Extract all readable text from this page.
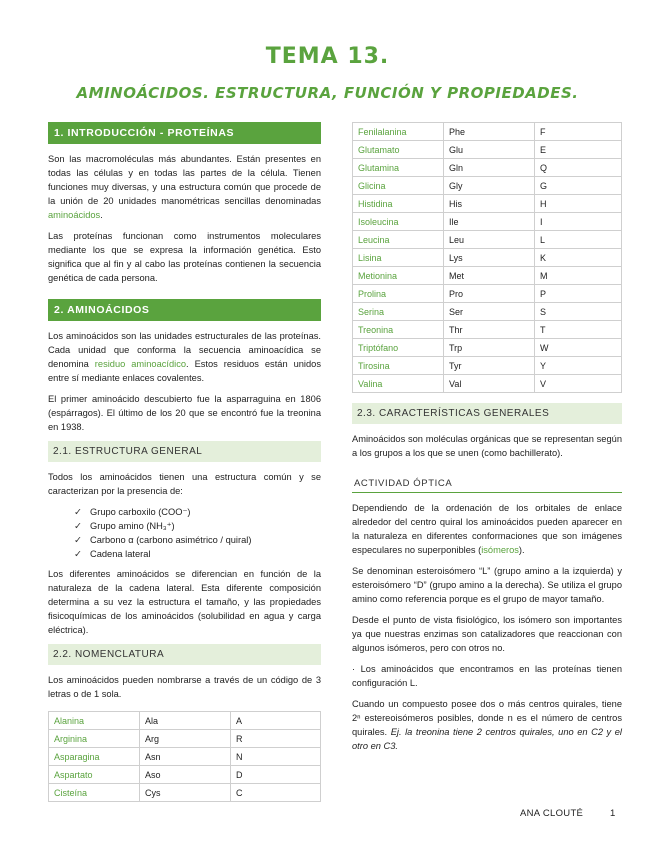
TEMA 13.
AMINOÁCIDOS. ESTRUCTURA, FUNCIÓN Y PROPIEDADES.
1. INTRODUCCIÓN - PROTEÍNAS

Son las macromoléculas más abundantes. Están presentes en todas las células y en todas las partes de la célula. Tienen funciones muy diversas, y una estructura común que procede de la unión de 20 unidades manométricas sencillas denominadas aminoácidos.

Las proteínas funcionan como instrumentos moleculares mediante los que se expresa la información genética. Esto significa que al fin y al cabo las proteínas contienen la secuencia genética de cada persona.

2. AMINOÁCIDOS

Los aminoácidos son las unidades estructurales de las proteínas. Cada unidad que conforma la secuencia aminoacídica se denomina residuo aminoacídico. Estos residuos están unidos entre sí mediante enlaces covalentes.

El primer aminoácido descubierto fue la asparraguina en 1806 (espárragos). El último de los 20 que se encontró fue la treonina en 1938.

2.1. ESTRUCTURA GENERAL

Todos los aminoácidos tienen una estructura común y se caracterizan por la presencia de:

✓ Grupo carboxilo (COO⁻)
✓ Grupo amino (NH₃⁺)
✓ Carbono α (carbono asimétrico / quiral)
✓ Cadena lateral

Los diferentes aminoácidos se diferencian en función de la naturaleza de la cadena lateral. Esta diferente composición determina a su vez la estructura el tamaño, y las propiedades fisicoquímicas de los aminoácidos (solubilidad en agua y carga eléctrica).

2.2. NOMENCLATURA

Los aminoácidos pueden nombrarse a través de un código de 3 letras o de 1 sola.

Alanina	Ala	A
Arginina	Arg	R
Asparagina	Asn	N
Aspartato	Aso	D
Cisteína	Cys	C
Fenilalanina	Phe	F
Glutamato	Glu	E
Glutamina	Gln	Q
Glicina	Gly	G
Histidina	His	H
Isoleucina	Ile	I
Leucina	Leu	L
Lisina	Lys	K
Metionina	Met	M
Prolina	Pro	P
Serina	Ser	S
Treonina	Thr	T
Triptófano	Trp	W
Tirosina	Tyr	Y
Valina	Val	V
2.3. CARACTERÍSTICAS GENERALES

Aminoácidos son moléculas orgánicas que se representan según a los grupos a los que se unen (como bachillerato).

ACTIVIDAD ÓPTICA

Dependiendo de la ordenación de los orbitales de enlace alrededor del centro quiral los aminoácidos pueden aparecer en la naturaleza en diferentes conformaciones que son imágenes especulares no superponibles (isómeros).

Se denominan esteroisómero “L” (grupo amino a la izquierda) y esteroisómero “D” (grupo amino a la derecha). Se utiliza el grupo amino como referencia porque es el grupo de mayor tamaño.

Desde el punto de vista fisiológico, los isómero son importantes ya que nuestras enzimas son catalizadores que reaccionan con algunos isómeros, pero con otros no.

· Los aminoácidos que encontramos en las proteínas tienen configuración L.

Cuando un compuesto posee dos o más centros quirales, tiene 2ⁿ estereoisómeros posibles, donde n es el número de centros quirales. Ej. la treonina tiene 2 centros quirales, uno en C2 y el otro en C3.

ANA CLOUTÉ	1
